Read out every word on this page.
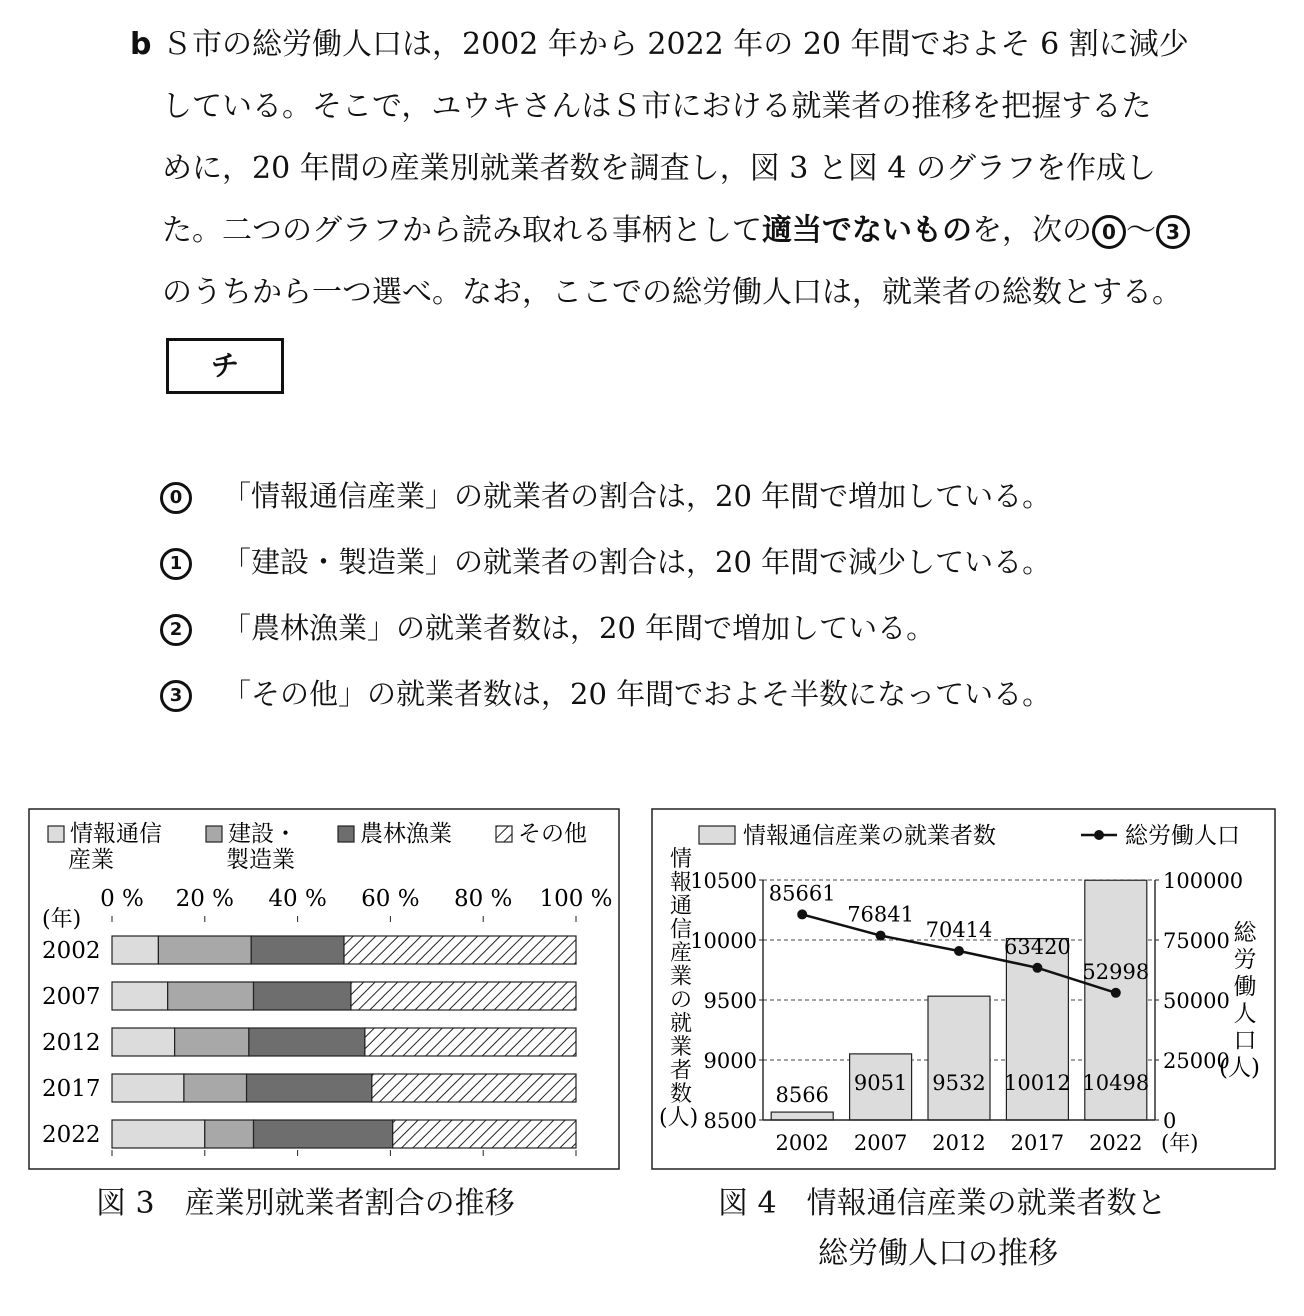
b Ｓ市の総労働人口は，2002 年から 2022 年の 20 年間でおよそ 6 割に減少
している。そこで，ユウキさんはＳ市における就業者の推移を把握するた
めに，20 年間の産業別就業者数を調査し，図 3 と図 4 のグラフを作成し
た。二つのグラフから読み取れる事柄として適当でないものを，次の 0 〜 3
のうちから一つ選べ。なお，ここでの総労働人口は，就業者の総数とする。
チ
0 「情報通信産業」の就業者の割合は，20 年間で増加している。
1 「建設・製造業」の就業者の割合は，20 年間で減少している。
2 「農林漁業」の就業者数は，20 年間で増加している。
3 「その他」の就業者数は，20 年間でおよそ半数になっている。
情報通信
産業
建設・
製造業
農林漁業	その他
0 % 20 % 40 % 60 % 80 % 100 %
(年)
2002
2007
2012
2017
2022
情報通信産業の就業者数	総労働人口
8566
9051 9532 10012 10498
85661
76841
70414
63420
52998
8500
9000
9500
10000
10500
0
25000
50000
75000
100000
2002 2007 2012 2017 2022 (年)
情
報
通
信
産
業
の
就
業
者
数
(人)
総
労
働
人
口
(人)
図 3　産業別就業者割合の推移	図 4　情報通信産業の就業者数と
総労働人口の推移
